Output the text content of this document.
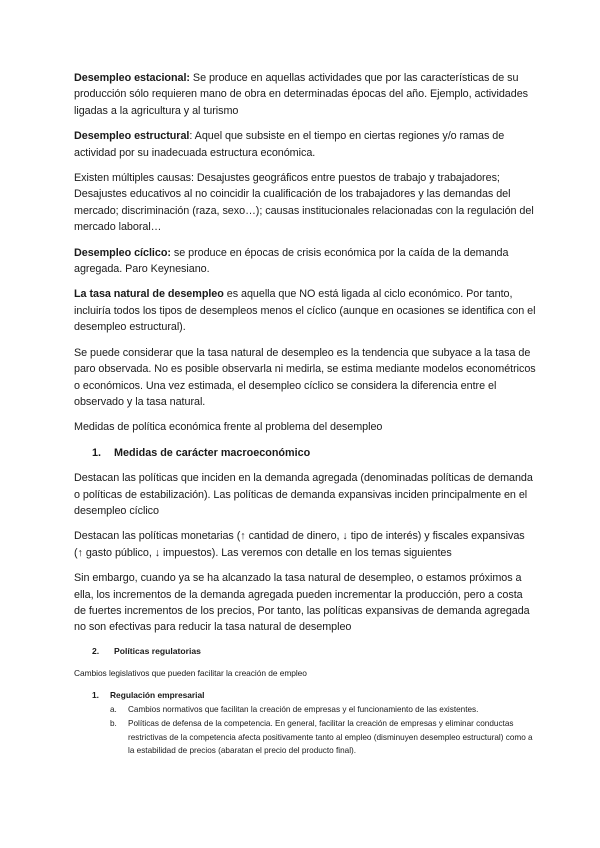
Desempleo estacional: Se produce en aquellas actividades que por las características de su producción sólo requieren mano de obra en determinadas épocas del año. Ejemplo, actividades ligadas a la agricultura y al turismo

Desempleo estructural: Aquel que subsiste en el tiempo en ciertas regiones y/o ramas de actividad por su inadecuada estructura económica.

Existen múltiples causas: Desajustes geográficos entre puestos de trabajo y trabajadores; Desajustes educativos al no coincidir la cualificación de los trabajadores y las demandas del mercado; discriminación (raza, sexo…); causas institucionales relacionadas con la regulación del mercado laboral…

Desempleo cíclico: se produce en épocas de crisis económica por la caída de la demanda agregada. Paro Keynesiano.

La tasa natural de desempleo es aquella que NO está ligada al ciclo económico. Por tanto, incluiría todos los tipos de desempleos menos el cíclico (aunque en ocasiones se identifica con el desempleo estructural).

Se puede considerar que la tasa natural de desempleo es la tendencia que subyace a la tasa de paro observada. No es posible observarla ni medirla, se estima mediante modelos econométricos o económicos. Una vez estimada, el desempleo cíclico se considera la diferencia entre el observado y la tasa natural.

Medidas de política económica frente al problema del desempleo

1. Medidas de carácter macroeconómico

Destacan las políticas que inciden en la demanda agregada (denominadas políticas de demanda o políticas de estabilización). Las políticas de demanda expansivas inciden principalmente en el desempleo cíclico

Destacan las políticas monetarias (↑ cantidad de dinero, ↓ tipo de interés) y fiscales expansivas (↑ gasto público, ↓ impuestos). Las veremos con detalle en los temas siguientes

Sin embargo, cuando ya se ha alcanzado la tasa natural de desempleo, o estamos próximos a ella, los incrementos de la demanda agregada pueden incrementar la producción, pero a costa de fuertes incrementos de los precios, Por tanto, las políticas expansivas de demanda agregada no son efectivas para reducir la tasa natural de desempleo

2. Políticas regulatorias

Cambios legislativos que pueden facilitar la creación de empleo

1. Regulación empresarial
a. Cambios normativos que facilitan la creación de empresas y el funcionamiento de las existentes.
b. Políticas de defensa de la competencia. En general, facilitar la creación de empresas y eliminar conductas restrictivas de la competencia afecta positivamente tanto al empleo (disminuyen desempleo estructural) como a la estabilidad de precios (abaratan el precio del producto final).
